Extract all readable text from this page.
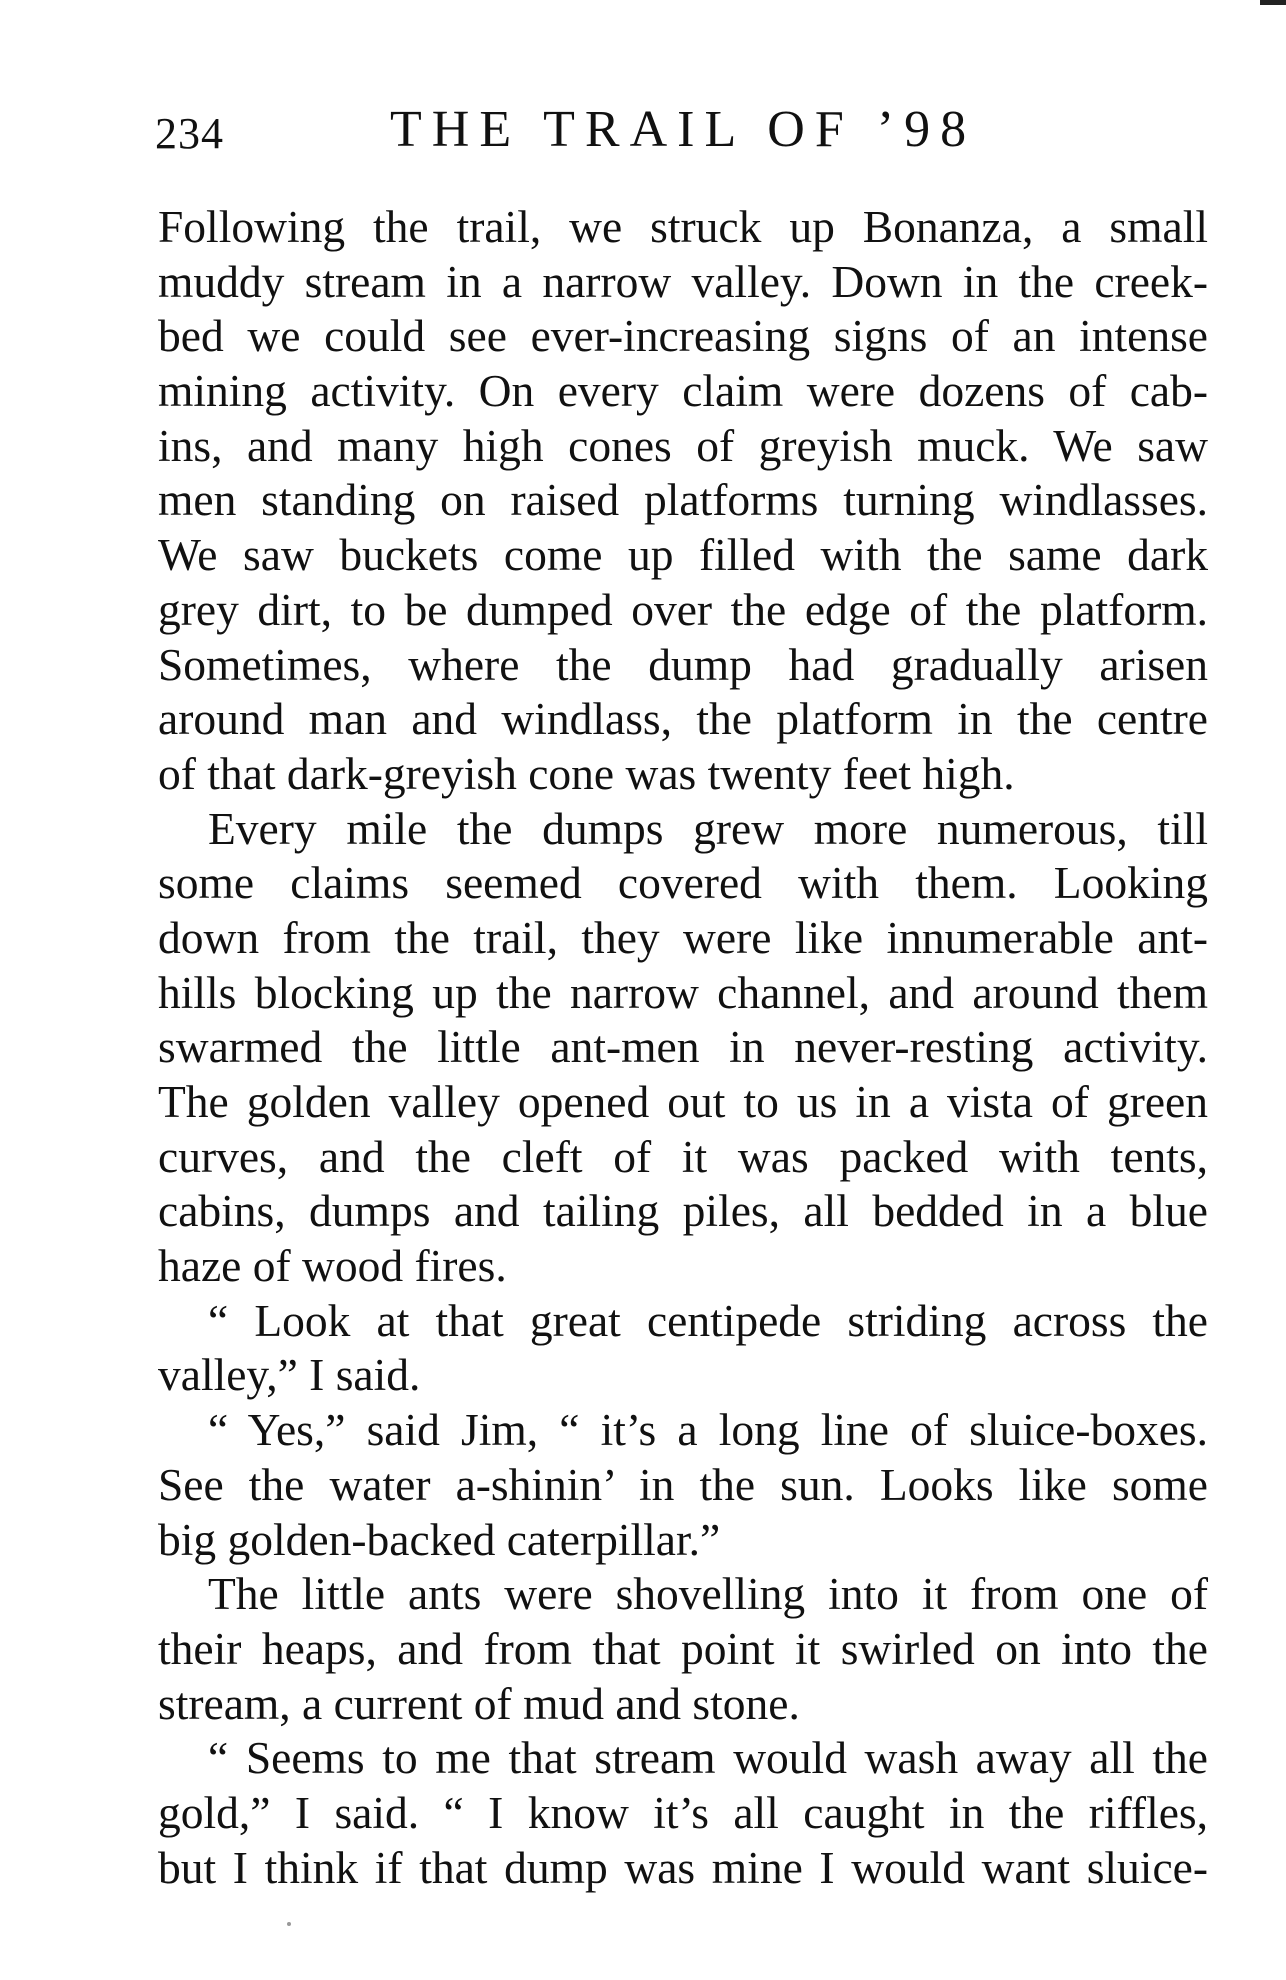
234	THE TRAIL OF ’98
Following the trail, we struck up Bonanza, a small
muddy stream in a narrow valley. Down in the creek-
bed we could see ever-increasing signs of an intense
mining activity. On every claim were dozens of cab-
ins, and many high cones of greyish muck. We saw
men standing on raised platforms turning windlasses.
We saw buckets come up filled with the same dark
grey dirt, to be dumped over the edge of the platform.
Sometimes, where the dump had gradually arisen
around man and windlass, the platform in the centre
of that dark-greyish cone was twenty feet high.
Every mile the dumps grew more numerous, till
some claims seemed covered with them. Looking
down from the trail, they were like innumerable ant-
hills blocking up the narrow channel, and around them
swarmed the little ant-men in never-resting activity.
The golden valley opened out to us in a vista of green
curves, and the cleft of it was packed with tents,
cabins, dumps and tailing piles, all bedded in a blue
haze of wood fires.
“ Look at that great centipede striding across the
valley,” I said.
“ Yes,” said Jim, “ it’s a long line of sluice-boxes.
See the water a-shinin’ in the sun. Looks like some
big golden-backed caterpillar.”
The little ants were shovelling into it from one of
their heaps, and from that point it swirled on into the
stream, a current of mud and stone.
“ Seems to me that stream would wash away all the
gold,” I said. “ I know it’s all caught in the riffles,
but I think if that dump was mine I would want sluice-
